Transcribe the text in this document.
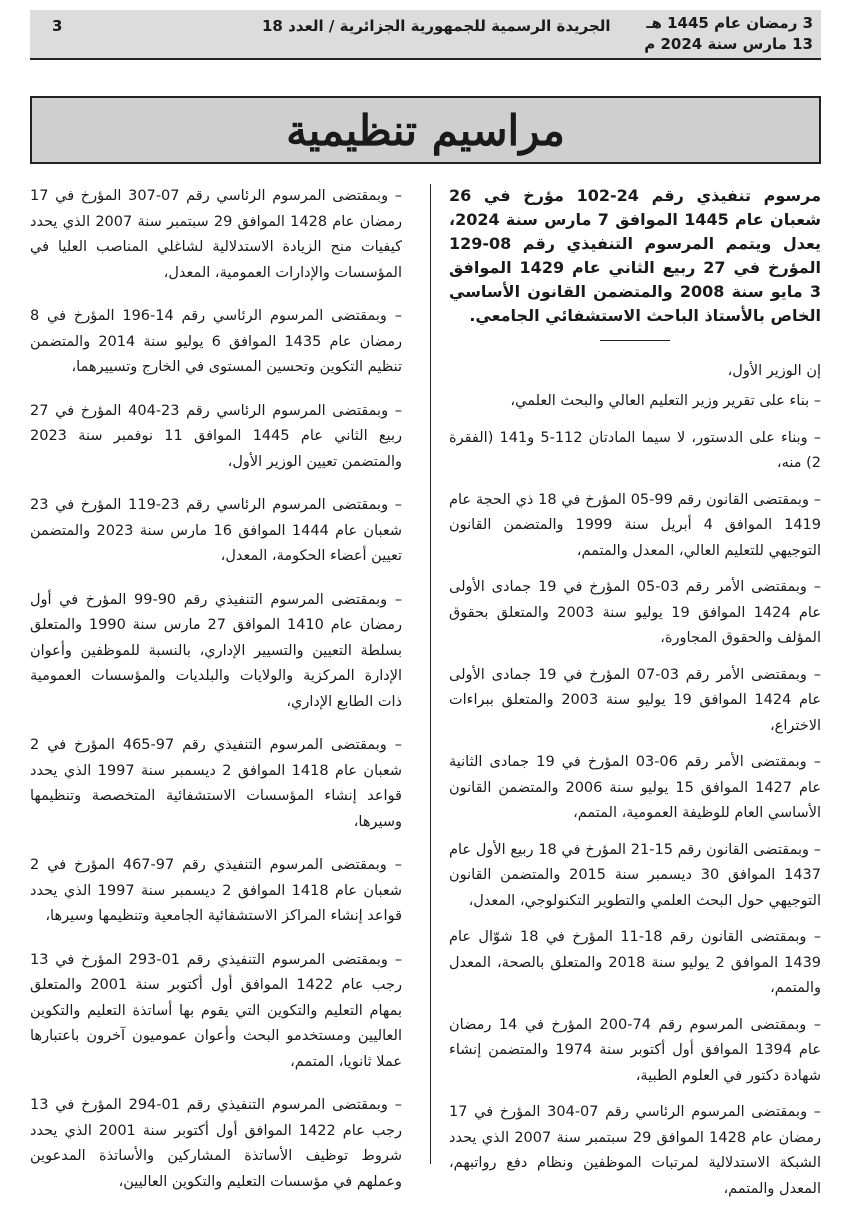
3 رمضان عام 1445 هـ
13 مارس سنة 2024 م
الجريدة الرسمية للجمهورية الجزائرية / العدد 18
3
مراسيم تنظيمية

مرسوم تنفيذي رقم 24-102 مؤرخ في 26 شعبان عام 1445 الموافق 7 مارس سنة 2024، يعدل ويتمم المرسوم التنفيذي رقم 08-129 المؤرخ في 27 ربيع الثاني عام 1429 الموافق 3 مايو سنة 2008 والمتضمن القانون الأساسي الخاص بالأستاذ الباحث الاستشفائي الجامعي.

إن الوزير الأول،

– بناء على تقرير وزير التعليم العالي والبحث العلمي،

– وبناء على الدستور، لا سيما المادتان 112-5 و141 (الفقرة 2) منه،

– وبمقتضى القانون رقم 99-05 المؤرخ في 18 ذي الحجة عام 1419 الموافق 4 أبريل سنة 1999 والمتضمن القانون التوجيهي للتعليم العالي، المعدل والمتمم،

– وبمقتضى الأمر رقم 03-05 المؤرخ في 19 جمادى الأولى عام 1424 الموافق 19 يوليو سنة 2003 والمتعلق بحقوق المؤلف والحقوق المجاورة،

– وبمقتضى الأمر رقم 03-07 المؤرخ في 19 جمادى الأولى عام 1424 الموافق 19 يوليو سنة 2003 والمتعلق ببراءات الاختراع،

– وبمقتضى الأمر رقم 06-03 المؤرخ في 19 جمادى الثانية عام 1427 الموافق 15 يوليو سنة 2006 والمتضمن القانون الأساسي العام للوظيفة العمومية، المتمم،

– وبمقتضى القانون رقم 15-21 المؤرخ في 18 ربيع الأول عام 1437 الموافق 30 ديسمبر سنة 2015 والمتضمن القانون التوجيهي حول البحث العلمي والتطوير التكنولوجي، المعدل،

– وبمقتضى القانون رقم 18-11 المؤرخ في 18 شوّال عام 1439 الموافق 2 يوليو سنة 2018 والمتعلق بالصحة، المعدل والمتمم،

– وبمقتضى المرسوم رقم 74-200 المؤرخ في 14 رمضان عام 1394 الموافق أول أكتوبر سنة 1974 والمتضمن إنشاء شهادة دكتور في العلوم الطبية،

– وبمقتضى المرسوم الرئاسي رقم 07-304 المؤرخ في 17 رمضان عام 1428 الموافق 29 سبتمبر سنة 2007 الذي يحدد الشبكة الاستدلالية لمرتبات الموظفين ونظام دفع رواتبهم، المعدل والمتمم،

– وبمقتضى المرسوم الرئاسي رقم 07-307 المؤرخ في 17 رمضان عام 1428 الموافق 29 سبتمبر سنة 2007 الذي يحدد كيفيات منح الزيادة الاستدلالية لشاغلي المناصب العليا في المؤسسات والإدارات العمومية، المعدل،

– وبمقتضى المرسوم الرئاسي رقم 14-196 المؤرخ في 8 رمضان عام 1435 الموافق 6 يوليو سنة 2014 والمتضمن تنظيم التكوين وتحسين المستوى في الخارج وتسييرهما،

– وبمقتضى المرسوم الرئاسي رقم 23-404 المؤرخ في 27 ربيع الثاني عام 1445 الموافق 11 نوفمبر سنة 2023 والمتضمن تعيين الوزير الأول،

– وبمقتضى المرسوم الرئاسي رقم 23-119 المؤرخ في 23 شعبان عام 1444 الموافق 16 مارس سنة 2023 والمتضمن تعيين أعضاء الحكومة، المعدل،

– وبمقتضى المرسوم التنفيذي رقم 90-99 المؤرخ في أول رمضان عام 1410 الموافق 27 مارس سنة 1990 والمتعلق بسلطة التعيين والتسيير الإداري، بالنسبة للموظفين وأعوان الإدارة المركزية والولايات والبلديات والمؤسسات العمومية ذات الطابع الإداري،

– وبمقتضى المرسوم التنفيذي رقم 97-465 المؤرخ في 2 شعبان عام 1418 الموافق 2 ديسمبر سنة 1997 الذي يحدد قواعد إنشاء المؤسسات الاستشفائية المتخصصة وتنظيمها وسيرها،

– وبمقتضى المرسوم التنفيذي رقم 97-467 المؤرخ في 2 شعبان عام 1418 الموافق 2 ديسمبر سنة 1997 الذي يحدد قواعد إنشاء المراكز الاستشفائية الجامعية وتنظيمها وسيرها،

– وبمقتضى المرسوم التنفيذي رقم 01-293 المؤرخ في 13 رجب عام 1422 الموافق أول أكتوبر سنة 2001 والمتعلق بمهام التعليم والتكوين التي يقوم بها أساتذة التعليم والتكوين العاليين ومستخدمو البحث وأعوان عموميون آخرون باعتبارها عملا ثانويا، المتمم،

– وبمقتضى المرسوم التنفيذي رقم 01-294 المؤرخ في 13 رجب عام 1422 الموافق أول أكتوبر سنة 2001 الذي يحدد شروط توظيف الأساتذة المشاركين والأساتذة المدعوين وعملهم في مؤسسات التعليم والتكوين العاليين،
